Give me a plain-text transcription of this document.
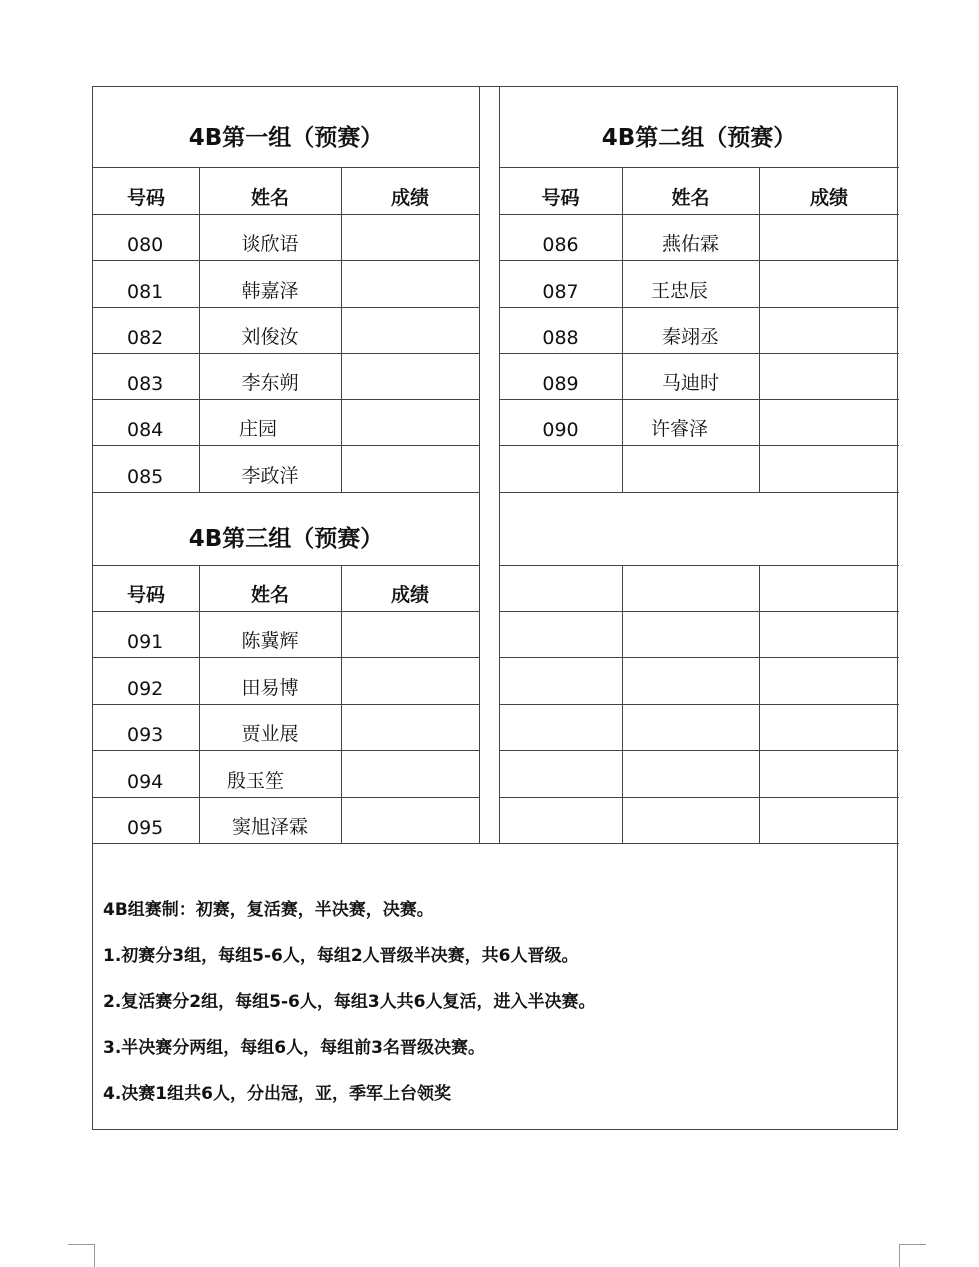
4B第一组（预赛）
号码	姓名	成绩
080	谈欣语
081	韩嘉泽
082	刘俊汝
083	李东朔
084	庄园
085	李政洋
4B第二组（预赛）
号码	姓名	成绩
086	燕佑霖
087	王忠辰
088	秦翊丞
089	马迪时
090	许睿泽
4B第三组（预赛）
号码	姓名	成绩
091	陈冀辉
092	田易博
093	贾业展
094	殷玉笙
095	窦旭泽霖
4B组赛制：初赛，复活赛，半决赛，决赛。
1.初赛分3组，每组5-6人，每组2人晋级半决赛，共6人晋级。
2.复活赛分2组，每组5-6人，每组3人共6人复活，进入半决赛。
3.半决赛分两组，每组6人，每组前3名晋级决赛。
4.决赛1组共6人，分出冠，亚，季军上台领奖
